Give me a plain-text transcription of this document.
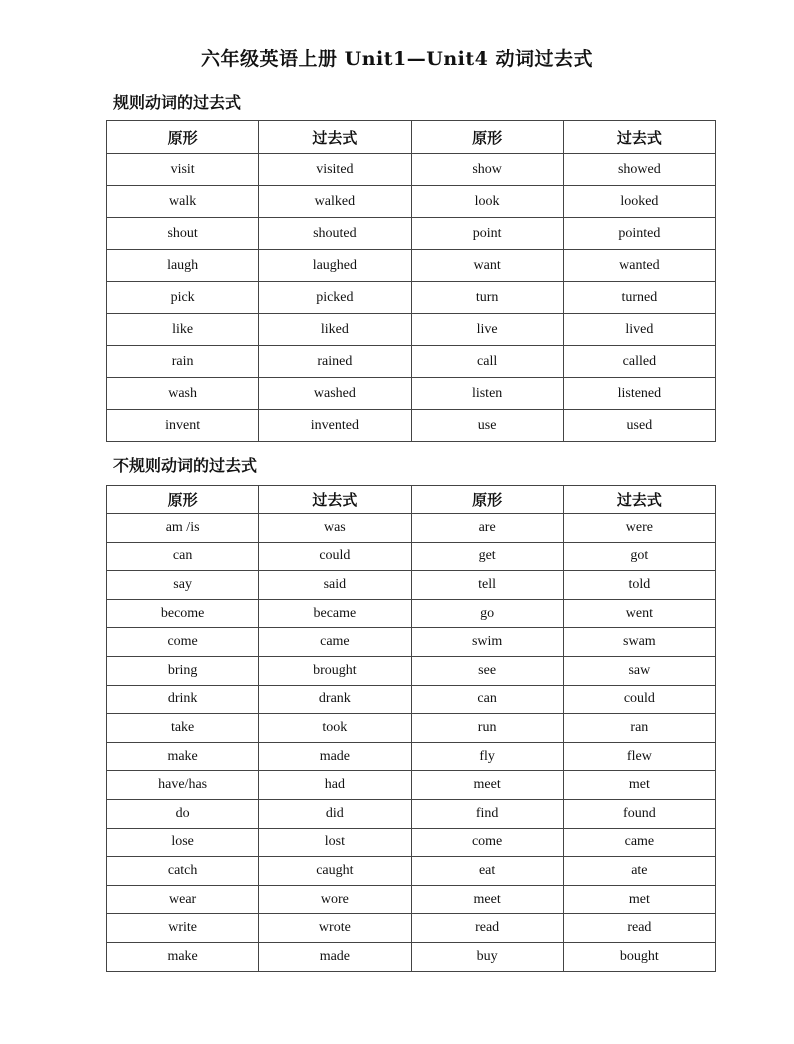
六年级英语上册 Unit1—Unit4 动词过去式
规则动词的过去式
原形	过去式	原形	过去式
visit	visited	show	showed
walk	walked	look	looked
shout	shouted	point	pointed
laugh	laughed	want	wanted
pick	picked	turn	turned
like	liked	live	lived
rain	rained	call	called
wash	washed	listen	listened
invent	invented	use	used
不规则动词的过去式
原形	过去式	原形	过去式
am /is	was	are	were
can	could	get	got
say	said	tell	told
become	became	go	went
come	came	swim	swam
bring	brought	see	saw
drink	drank	can	could
take	took	run	ran
make	made	fly	flew
have/has	had	meet	met
do	did	find	found
lose	lost	come	came
catch	caught	eat	ate
wear	wore	meet	met
write	wrote	read	read
make	made	buy	bought
